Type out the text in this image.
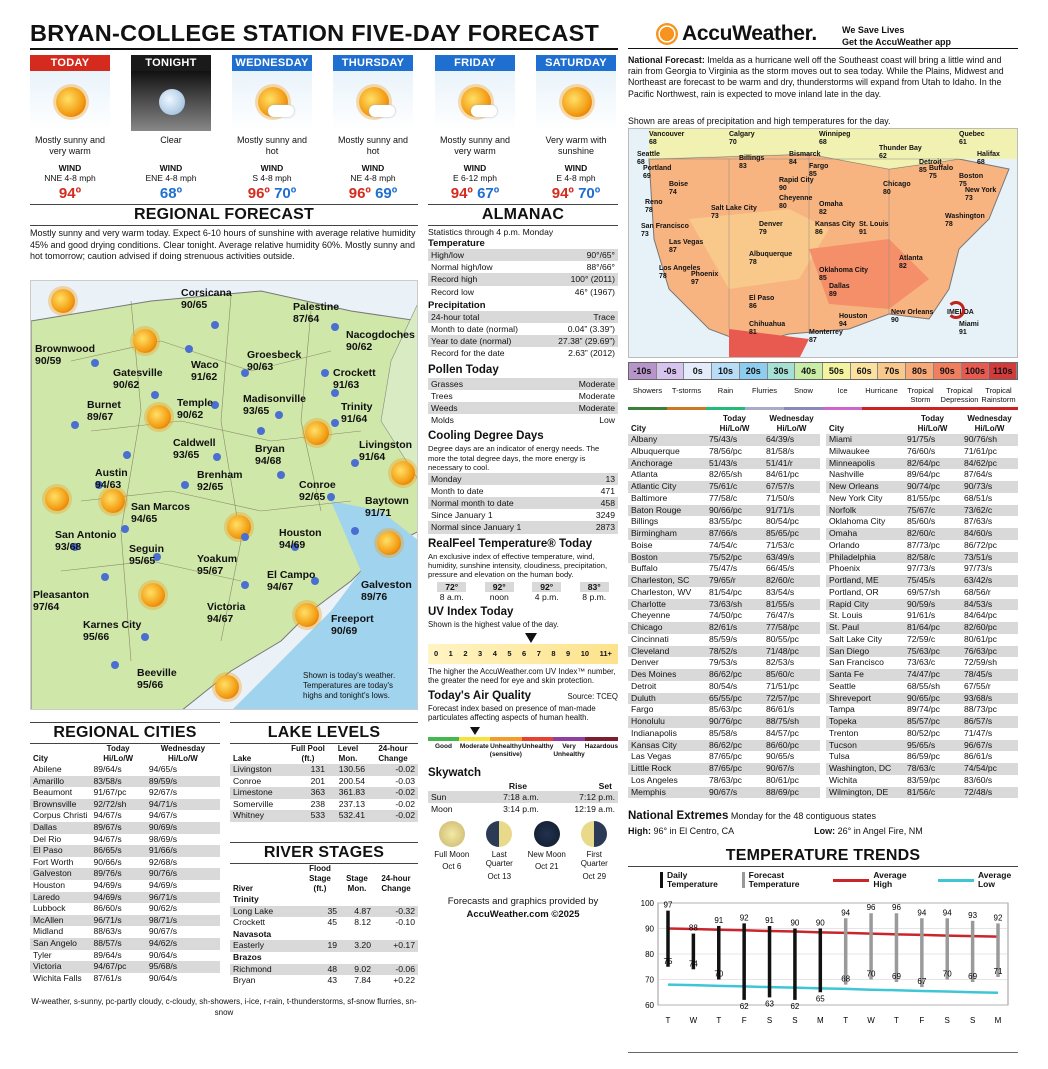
BRYAN-COLLEGE STATION FIVE-DAY FORECAST	AccuWeather.	We Save Lives
Get the AccuWeather app
TODAY
Mostly sunny and very warm
WIND
NNE 4-8 mph
94º
TONIGHT
Clear
WIND
ENE 4-8 mph
68º
WEDNESDAY
Mostly sunny and hot
WIND
S 4-8 mph
96º 70º
THURSDAY
Mostly sunny and hot
WIND
NE 4-8 mph
96º 69º
FRIDAY
Mostly sunny and very warm
WIND
E 6-12 mph
94º 67º
SATURDAY
Very warm with sunshine
WIND
E 4-8 mph
94º 70º
REGIONAL FORECAST
Mostly sunny and very warm today. Expect 6-10 hours of sunshine with average relative humidity 45% and good drying conditions. Clear tonight. Average relative humidity 60%. Mostly sunny and hot tomorrow; caution advised if doing strenuous activities outside.
Corsicana
90/65	Palestine
87/64
Nacogdoches
90/62
Brownwood
90/59	Waco
91/62
Groesbeck
90/63
Gatesville
90/62
Crockett
91/63
Burnet
89/67
Temple
90/62
Madisonville
93/65	Trinity
91/64
Caldwell
93/65
Livingston
91/64
Bryan
94/68
Austin
94/63
Brenham
92/65	Conroe
92/65
San Marcos
94/65
Baytown
91/71
San Antonio
93/68	Seguin
95/65
Houston
94/69
Yoakum
95/67	El Campo
94/67	Galveston
89/76
Pleasanton
97/64	Victoria
94/67	Freeport
90/69
Karnes City
95/66
Beeville
95/66
Shown is today's weather. Temperatures are today's highs and tonight's lows.
ALMANAC
Statistics through 4 p.m. Monday
Temperature
High/low	90°/65°
Normal high/low	88°/66°
Record high	100° (2011)
Record low	46° (1967)
Precipitation
24-hour total	Trace
Month to date (normal)	0.04” (3.39”)
Year to date (normal)	27.38” (29.69”)
Record for the date	2.63” (2012)
Pollen Today
Grasses	Moderate
Trees	Moderate
Weeds	Moderate
Molds	Low
Cooling Degree Days
Degree days are an indicator of energy needs. The more the total degree days, the more energy is necessary to cool.
Monday	13
Month to date	471
Normal month to date	458
Since January 1	3249
Normal since January 1	2873
RealFeel Temperature® Today
An exclusive index of effective temperature, wind, humidity, sunshine intensity, cloudiness, precipitation, pressure and elevation on the human body.
72°
8 a.m.
92°
noon
92°
4 p.m.
83°
8 p.m.
UV Index Today
Shown is the highest value of the day.
0 1 2 3 4 5 6 7 8 9 10 11+
The higher the AccuWeather.com UV Index™ number, the greater the need for eye and skin protection.
Today's Air Quality	Source: TCEQ
Forecast index based on presence of man-made particulates affecting aspects of human health.
Good	Moderate Unhealthy (sensitive)
Unhealthy	Very Unhealthy
Hazardous
Skywatch
Rise	Set
Sun	7:18 a.m.	7:12 p.m.
Moon	3:14 p.m.	12:19 a.m.
Full Moon
Oct 6
Last Quarter
Oct 13
New Moon
Oct 21
First Quarter
Oct 29
Forecasts and graphics provided by
AccuWeather.com ©2025
REGIONAL CITIES
City	Today Hi/Lo/W	Wednesday Hi/Lo/W
Abilene	89/64/s	94/65/s
Amarillo	83/58/s	89/59/s
Beaumont	91/67/pc	92/67/s
Brownsville	92/72/sh	94/71/s
Corpus Christi	94/67/s	94/67/s
Dallas	89/67/s	90/69/s
Del Rio	94/67/s	98/69/s
El Paso	86/65/s	91/66/s
Fort Worth	90/66/s	92/68/s
Galveston	89/76/s	90/76/s
Houston	94/69/s	94/69/s
Laredo	94/69/s	96/71/s
Lubbock	86/60/s	90/62/s
McAllen	96/71/s	98/71/s
Midland	88/63/s	90/67/s
San Angelo	88/57/s	94/62/s
Tyler	89/64/s	90/64/s
Victoria	94/67/pc	95/68/s
Wichita Falls	87/61/s	90/64/s
LAKE LEVELS
Lake	Full Pool (ft.)	Level Mon.	24-hour Change
Livingston	131	130.56	-0.02
Conroe	201	200.54	-0.03
Limestone	363	361.83	-0.02
Somerville	238	237.13	-0.02
Whitney	533	532.41	-0.02
RIVER STAGES
River	Flood Stage (ft.)	Stage Mon.	24-hour Change
Trinity			
Long Lake	35	4.87	-0.32
Crockett	45	8.12	-0.10
Navasota			
Easterly	19	3.20	+0.17
Brazos			
Richmond	48	9.02	-0.06
Bryan	43	7.84	+0.22
W-weather, s-sunny, pc-partly cloudy, c-cloudy, sh-showers, i-ice, r-rain, t-thunderstorms, sf-snow flurries, sn-snow
National Forecast: Imelda as a hurricane well off the Southeast coast will bring a little wind and rain from Georgia to Virginia as the storm moves out to sea today. While the Plains, Midwest and Northeast are forecast to be warm and dry, thunderstorms will expand from Utah to Idaho. In the Pacific Northwest, rain is expected to move inland late in the day.
Shown are areas of precipitation and high temperatures for the day.
Vancouver
68
Calgary
70
Winnipeg
68
Quebec
61
Seattle
68
Billings
83
Bismarck
84
Thunder Bay
62	Halifax
68
Portland
69
Boise
74
Rapid City
90
Fargo
85
Detroit
85
Boston
75
Reno
78	Salt Lake City
73
Cheyenne
80	Omaha
82
Chicago
80
Buffalo
75
New York
73
San Francisco
73
Denver
79
Kansas City
86
St. Louis
91
Washington
78
Las Vegas
87
Albuquerque
78
Oklahoma City
85
Atlanta
82
Los Angeles
78	Phoenix
97
El Paso
86
Dallas
89
Houston
94
Chihuahua
81	Monterrey
87
New Orleans
90
Miami
91
IMELDA
-10s	-0s	0s	10s	20s	30s	40s	50s	60s	70s	80s	90s	100s 110s
Showers	T-storms	Rain	Flurries	Snow	Ice	Hurricane	Tropical Storm
Tropical Depression
Tropical Rainstorm
City	Today Hi/Lo/W	Wednesday Hi/Lo/W
Albany	75/43/s	64/39/s
Albuquerque	78/56/pc	81/58/s
Anchorage	51/43/s	51/41/r
Atlanta	82/65/sh	84/61/pc
Atlantic City	75/61/c	67/57/s
Baltimore	77/58/c	71/50/s
Baton Rouge	90/66/pc	91/71/s
Billings	83/55/pc	80/54/pc
Birmingham	87/66/s	85/65/pc
Boise	74/54/c	71/53/c
Boston	75/52/pc	63/49/s
Buffalo	75/47/s	66/45/s
Charleston, SC	79/65/r	82/60/c
Charleston, WV	81/54/pc	83/54/s
Charlotte	73/63/sh	81/55/s
Cheyenne	74/50/pc	76/47/s
Chicago	82/61/s	77/58/pc
Cincinnati	85/59/s	80/55/pc
Cleveland	78/52/s	71/48/pc
Denver	79/53/s	82/53/s
Des Moines	86/62/pc	85/60/c
Detroit	80/54/s	71/51/pc
Duluth	65/55/pc	72/57/pc
Fargo	85/63/pc	86/61/s
Honolulu	90/76/pc	88/75/sh
Indianapolis	85/58/s	84/57/pc
Kansas City	86/62/pc	86/60/pc
Las Vegas	87/65/pc	90/65/s
Little Rock	87/65/pc	90/67/s
Los Angeles	78/63/pc	80/61/pc
Memphis	90/67/s	88/69/pc
City	Today Hi/Lo/W	Wednesday Hi/Lo/W
Miami	91/75/s	90/76/sh
Milwaukee	76/60/s	71/61/pc
Minneapolis	82/64/pc	84/62/pc
Nashville	89/64/pc	87/64/s
New Orleans	90/74/pc	90/73/s
New York City	81/55/pc	68/51/s
Norfolk	75/67/c	73/62/c
Oklahoma City	85/60/s	87/63/s
Omaha	82/60/c	84/60/s
Orlando	87/73/pc	86/72/pc
Philadelphia	82/58/c	73/51/s
Phoenix	97/73/s	97/73/s
Portland, ME	75/45/s	63/42/s
Portland, OR	69/57/sh	68/56/r
Rapid City	90/59/s	84/53/s
St. Louis	91/61/s	84/64/pc
St. Paul	81/64/pc	82/60/pc
Salt Lake City	72/59/c	80/61/pc
San Diego	75/63/pc	76/63/pc
San Francisco	73/63/c	72/59/sh
Santa Fe	74/47/pc	78/45/s
Seattle	68/55/sh	67/55/r
Shreveport	90/65/pc	93/68/s
Tampa	89/74/pc	88/73/pc
Topeka	85/57/pc	86/57/s
Trenton	80/52/pc	71/47/s
Tucson	95/65/s	96/67/s
Tulsa	86/59/pc	86/61/s
Washington, DC	78/63/c	74/54/pc
Wichita	83/59/pc	83/60/s
Wilmington, DE	81/56/c	72/48/s
National Extremes Monday for the 48 contiguous states
High: 96° in El Centro, CA	Low: 26° in Angel Fire, NM
TEMPERATURE TRENDS
Daily Temperature
Forecast Temperature
Average High
Average Low
60
70
80
90
100 97
75
T
88
74
W
91
70
T
92
62
F
91
63
S
90
62
S
90
65
M
94
68
T
96
70
W
96
69
T
94
67
F
94
70
S
93
69
S
92
71
M
